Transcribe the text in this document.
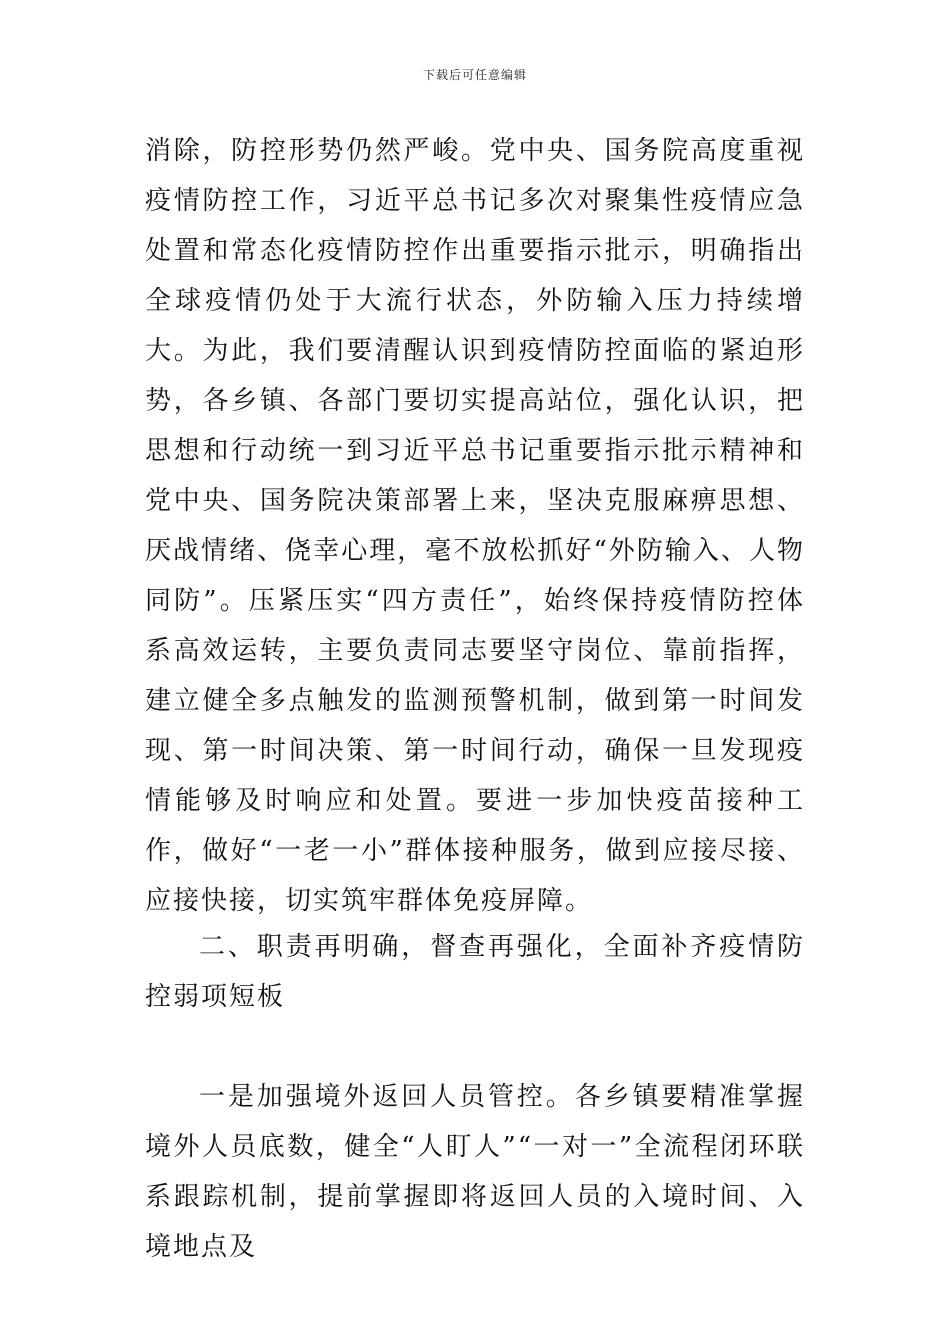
下载后可任意编辑

消除，防控形势仍然严峻。党中央、国务院高度重视疫情防控工作，习近平总书记多次对聚集性疫情应急处置和常态化疫情防控作出重要指示批示，明确指出全球疫情仍处于大流行状态，外防输入压力持续增大。为此，我们要清醒认识到疫情防控面临的紧迫形势，各乡镇、各部门要切实提高站位，强化认识，把思想和行动统一到习近平总书记重要指示批示精神和党中央、国务院决策部署上来，坚决克服麻痹思想、厌战情绪、侥幸心理，毫不放松抓好“外防输入、人物同防”。压紧压实“四方责任”，始终保持疫情防控体系高效运转，主要负责同志要坚守岗位、靠前指挥，建立健全多点触发的监测预警机制，做到第一时间发现、第一时间决策、第一时间行动，确保一旦发现疫情能够及时响应和处置。要进一步加快疫苗接种工作，做好“一老一小”群体接种服务，做到应接尽接、应接快接，切实筑牢群体免疫屏障。

二、职责再明确，督查再强化，全面补齐疫情防控弱项短板

一是加强境外返回人员管控。各乡镇要精准掌握境外人员底数，健全“人盯人”“一对一”全流程闭环联系跟踪机制，提前掌握即将返回人员的入境时间、入境地点及
